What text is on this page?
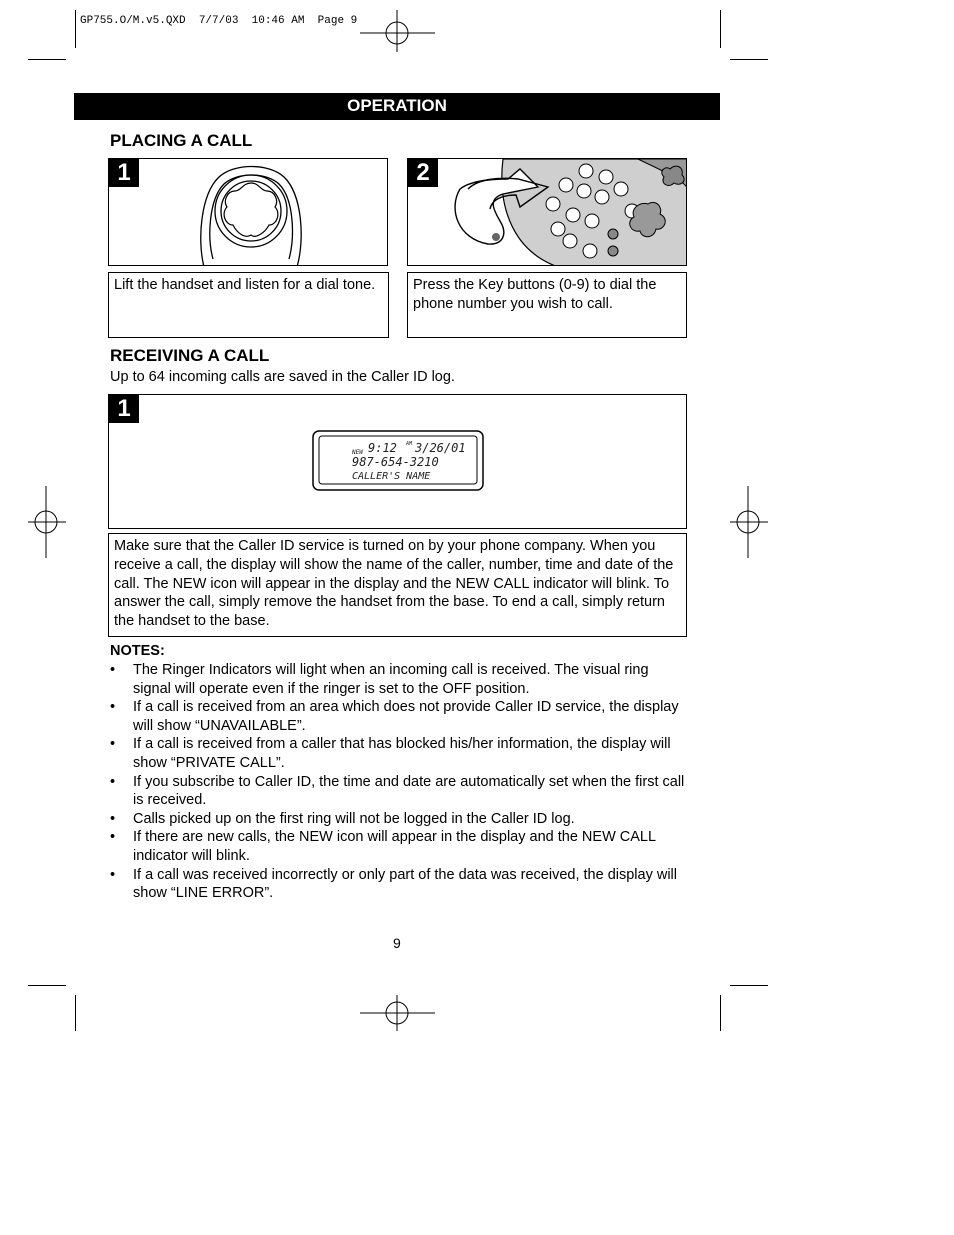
GP755.O/M.v5.QXD  7/7/03  10:46 AM  Page 9
OPERATION
PLACING A CALL
1	2
Lift the handset and listen for a dial tone.	Press the Key buttons (0-9) to dial the phone number you wish to call.
RECEIVING A CALL
Up to 64 incoming calls are saved in the Caller ID log.
1
NEW 9:12 AM 3/26/01
987-654-3210
CALLER'S NAME
Make sure that the Caller ID service is turned on by your phone company. When you receive a call, the display will show the name of the caller, number, time and date of the call. The NEW icon will appear in the display and the NEW CALL indicator will blink. To answer the call, simply remove the handset from the base. To end a call, simply return the handset to the base.
NOTES:
• The Ringer Indicators will light when an incoming call is received. The visual ring signal will operate even if the ringer is set to the OFF position.
• If a call is received from an area which does not provide Caller ID service, the display will show “UNAVAILABLE”.
• If a call is received from a caller that has blocked his/her information, the display will show “PRIVATE CALL”.
• If you subscribe to Caller ID, the time and date are automatically set when the first call is received.
• Calls picked up on the first ring will not be logged in the Caller ID log.
• If there are new calls, the NEW icon will appear in the display and the NEW CALL indicator will blink.
• If a call was received incorrectly or only part of the data was received, the display will show “LINE ERROR”.
9
